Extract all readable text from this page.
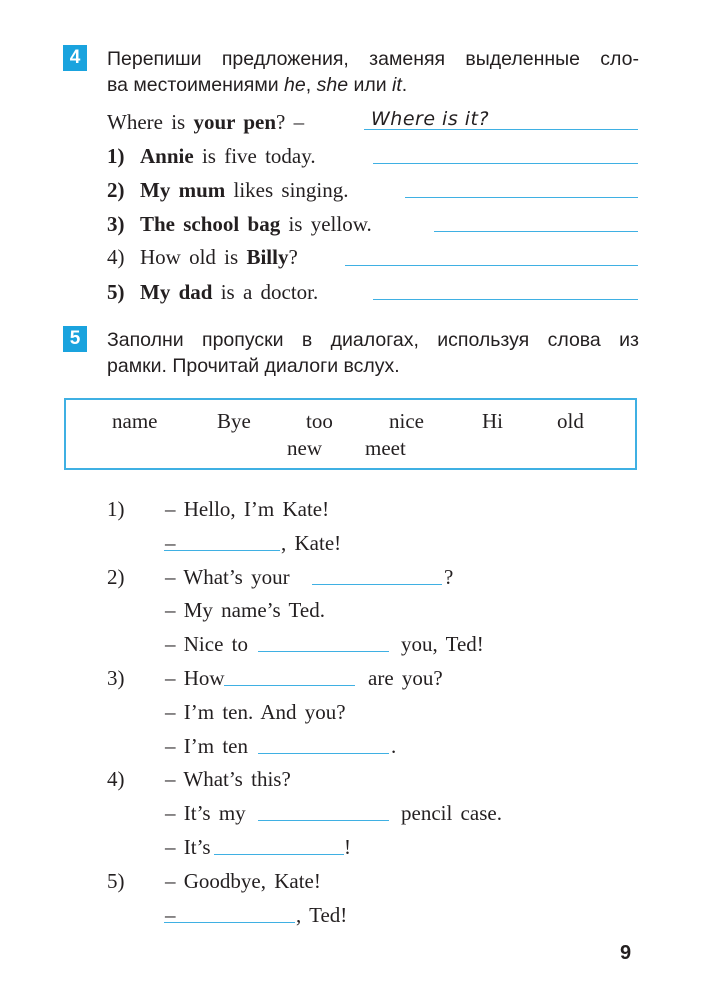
4	Перепиши предложения, заменяя выделенные сло-
ва местоимениями he, she или it.
Where is your pen? –	Where is it?
1) Annie is five today.
2) My mum likes singing.
3) The school bag is yellow.
4) How old is Billy?
5) My dad is a doctor.
5	Заполни пропуски в диалогах, используя слова из
рамки. Прочитай диалоги вслух.
name	Bye	too	nice	Hi	old
new meet
1) – Hello, I’m Kate!
–	, Kate!
2) – What’s your	?
– My name’s Ted.
– Nice to	you, Ted!
3) – How	are you?
– I’m ten. And you?
– I’m ten	.
4) – What’s this?
– It’s my	pencil case.
– It’s	!
5) – Goodbye, Kate!
–	, Ted!
9
